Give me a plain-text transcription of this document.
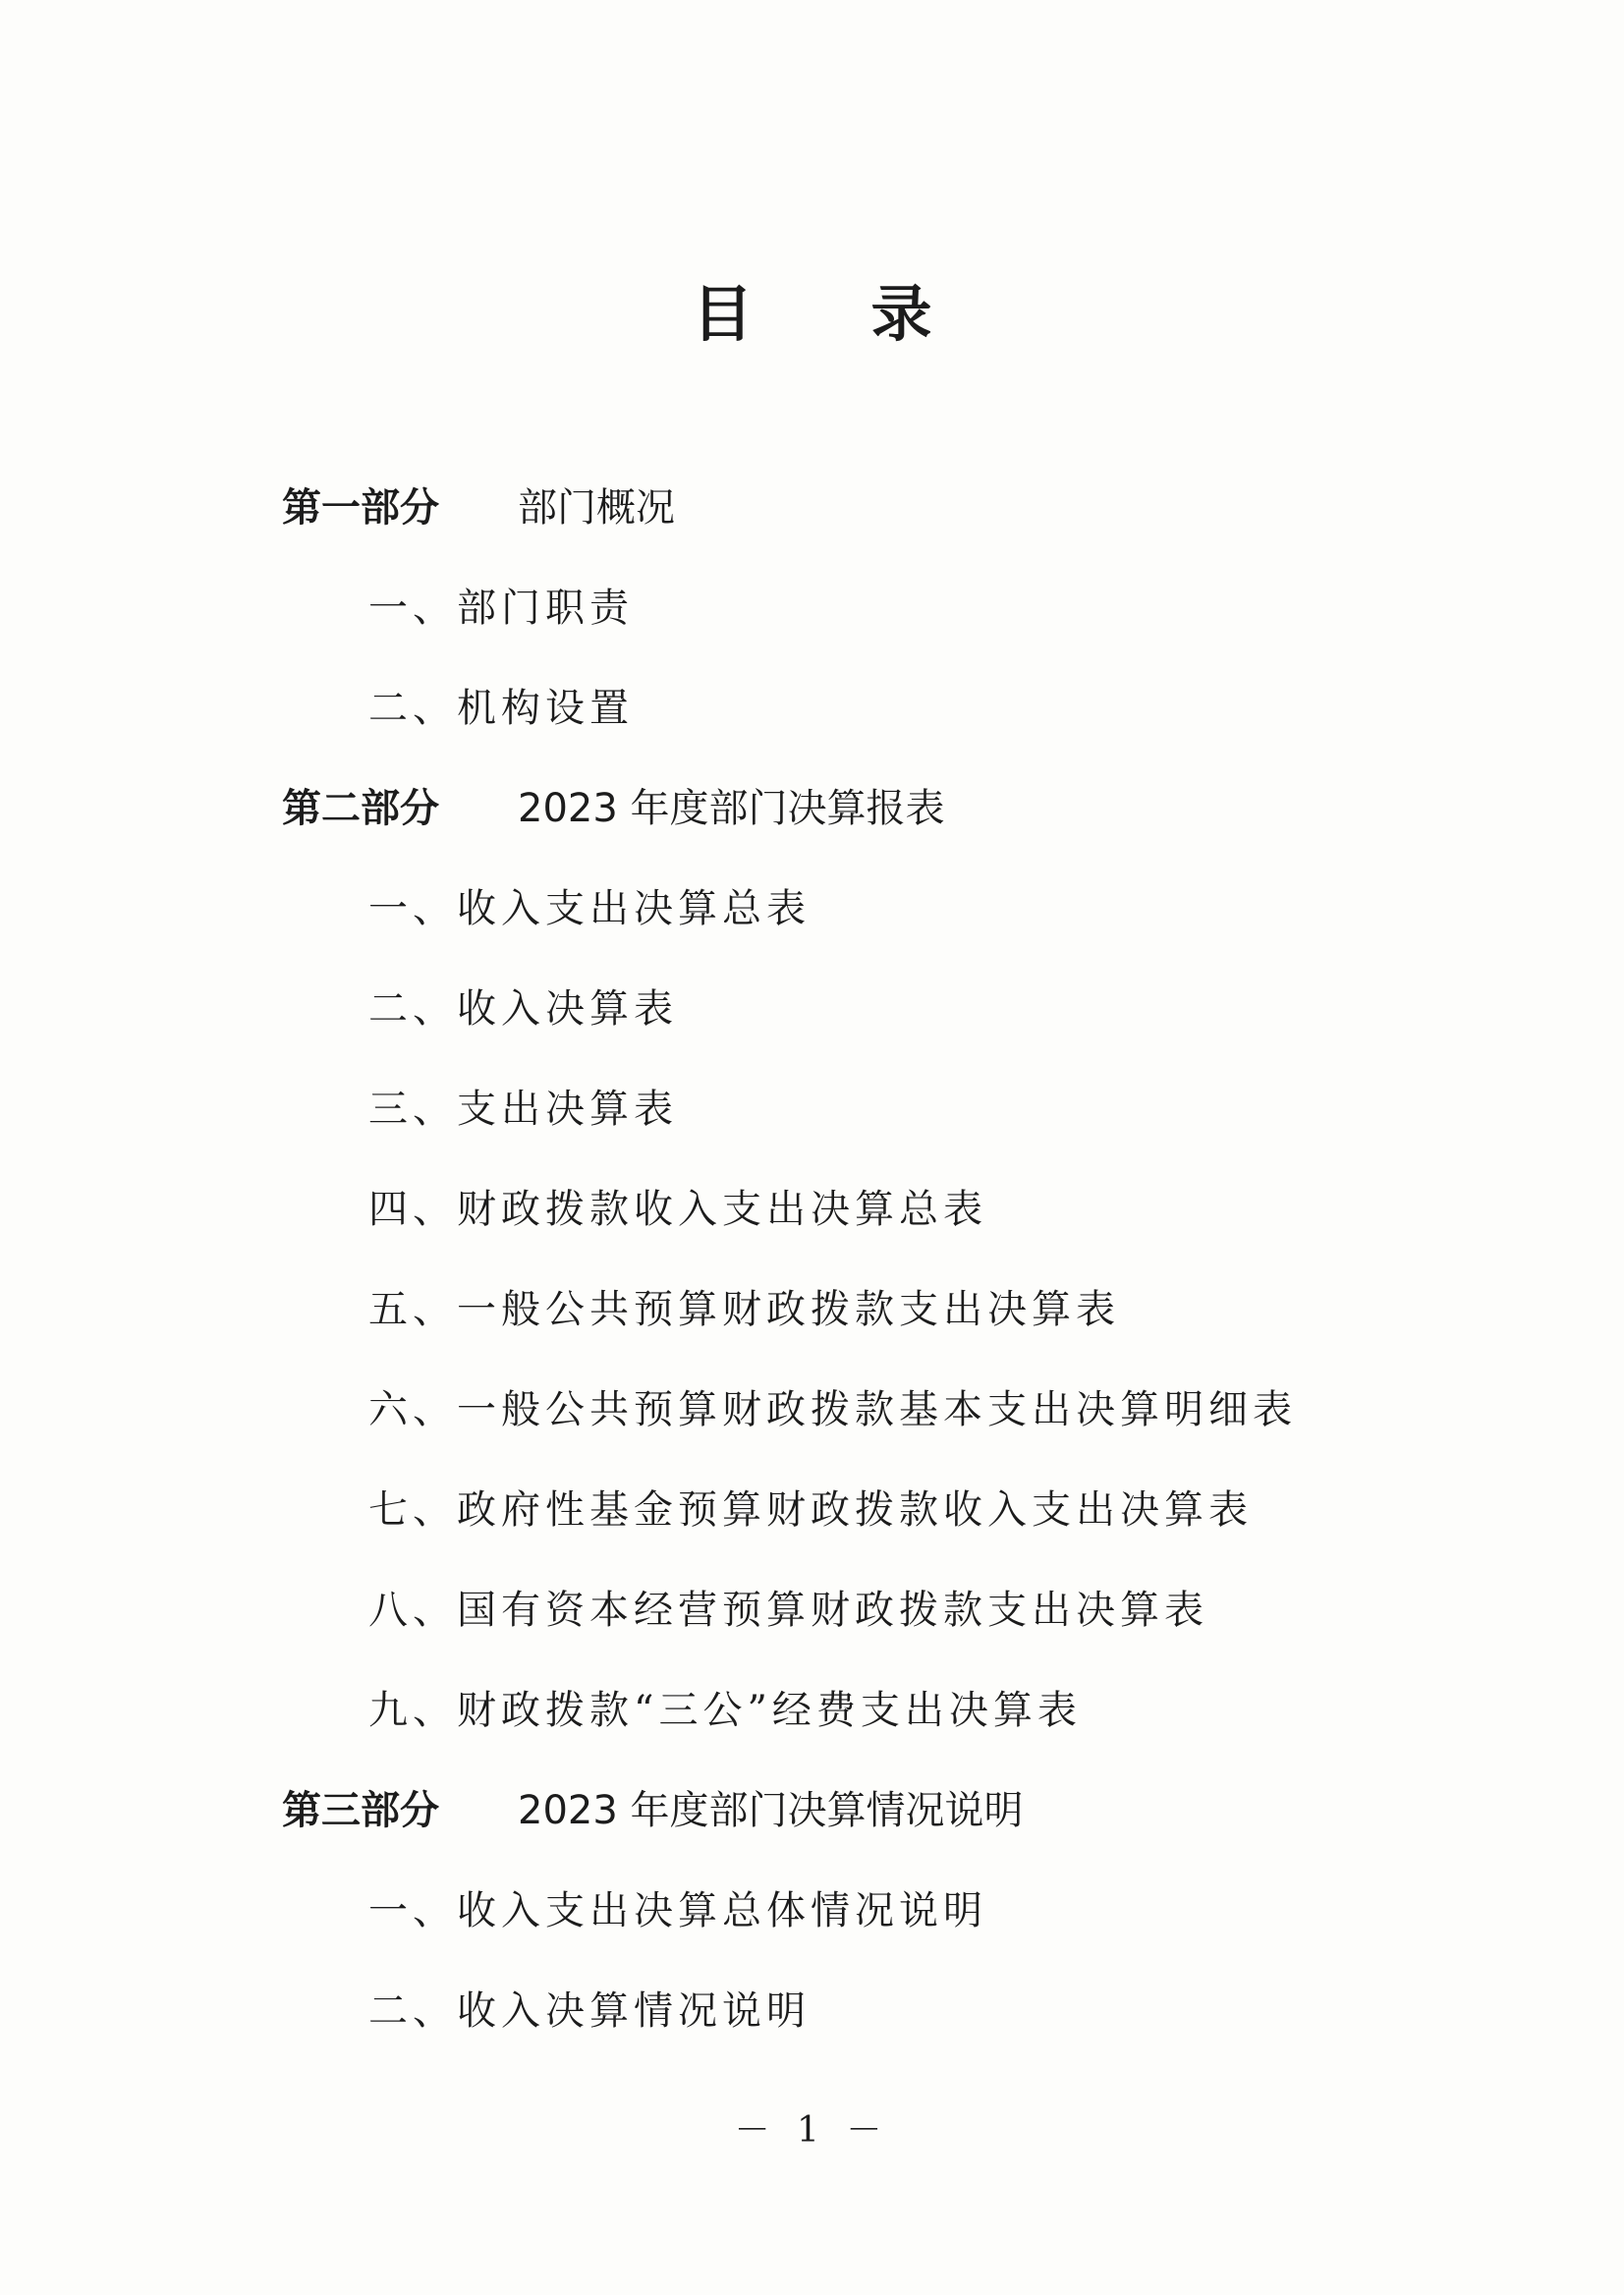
目 录
第一部分 部门概况
一、部门职责
二、机构设置
第二部分 2023 年度部门决算报表
一、收入支出决算总表
二、收入决算表
三、支出决算表
四、财政拨款收入支出决算总表
五、一般公共预算财政拨款支出决算表
六、一般公共预算财政拨款基本支出决算明细表
七、政府性基金预算财政拨款收入支出决算表
八、国有资本经营预算财政拨款支出决算表
九、财政拨款“三公”经费支出决算表
第三部分 2023 年度部门决算情况说明
一、收入支出决算总体情况说明
二、收入决算情况说明
－ 1 －
